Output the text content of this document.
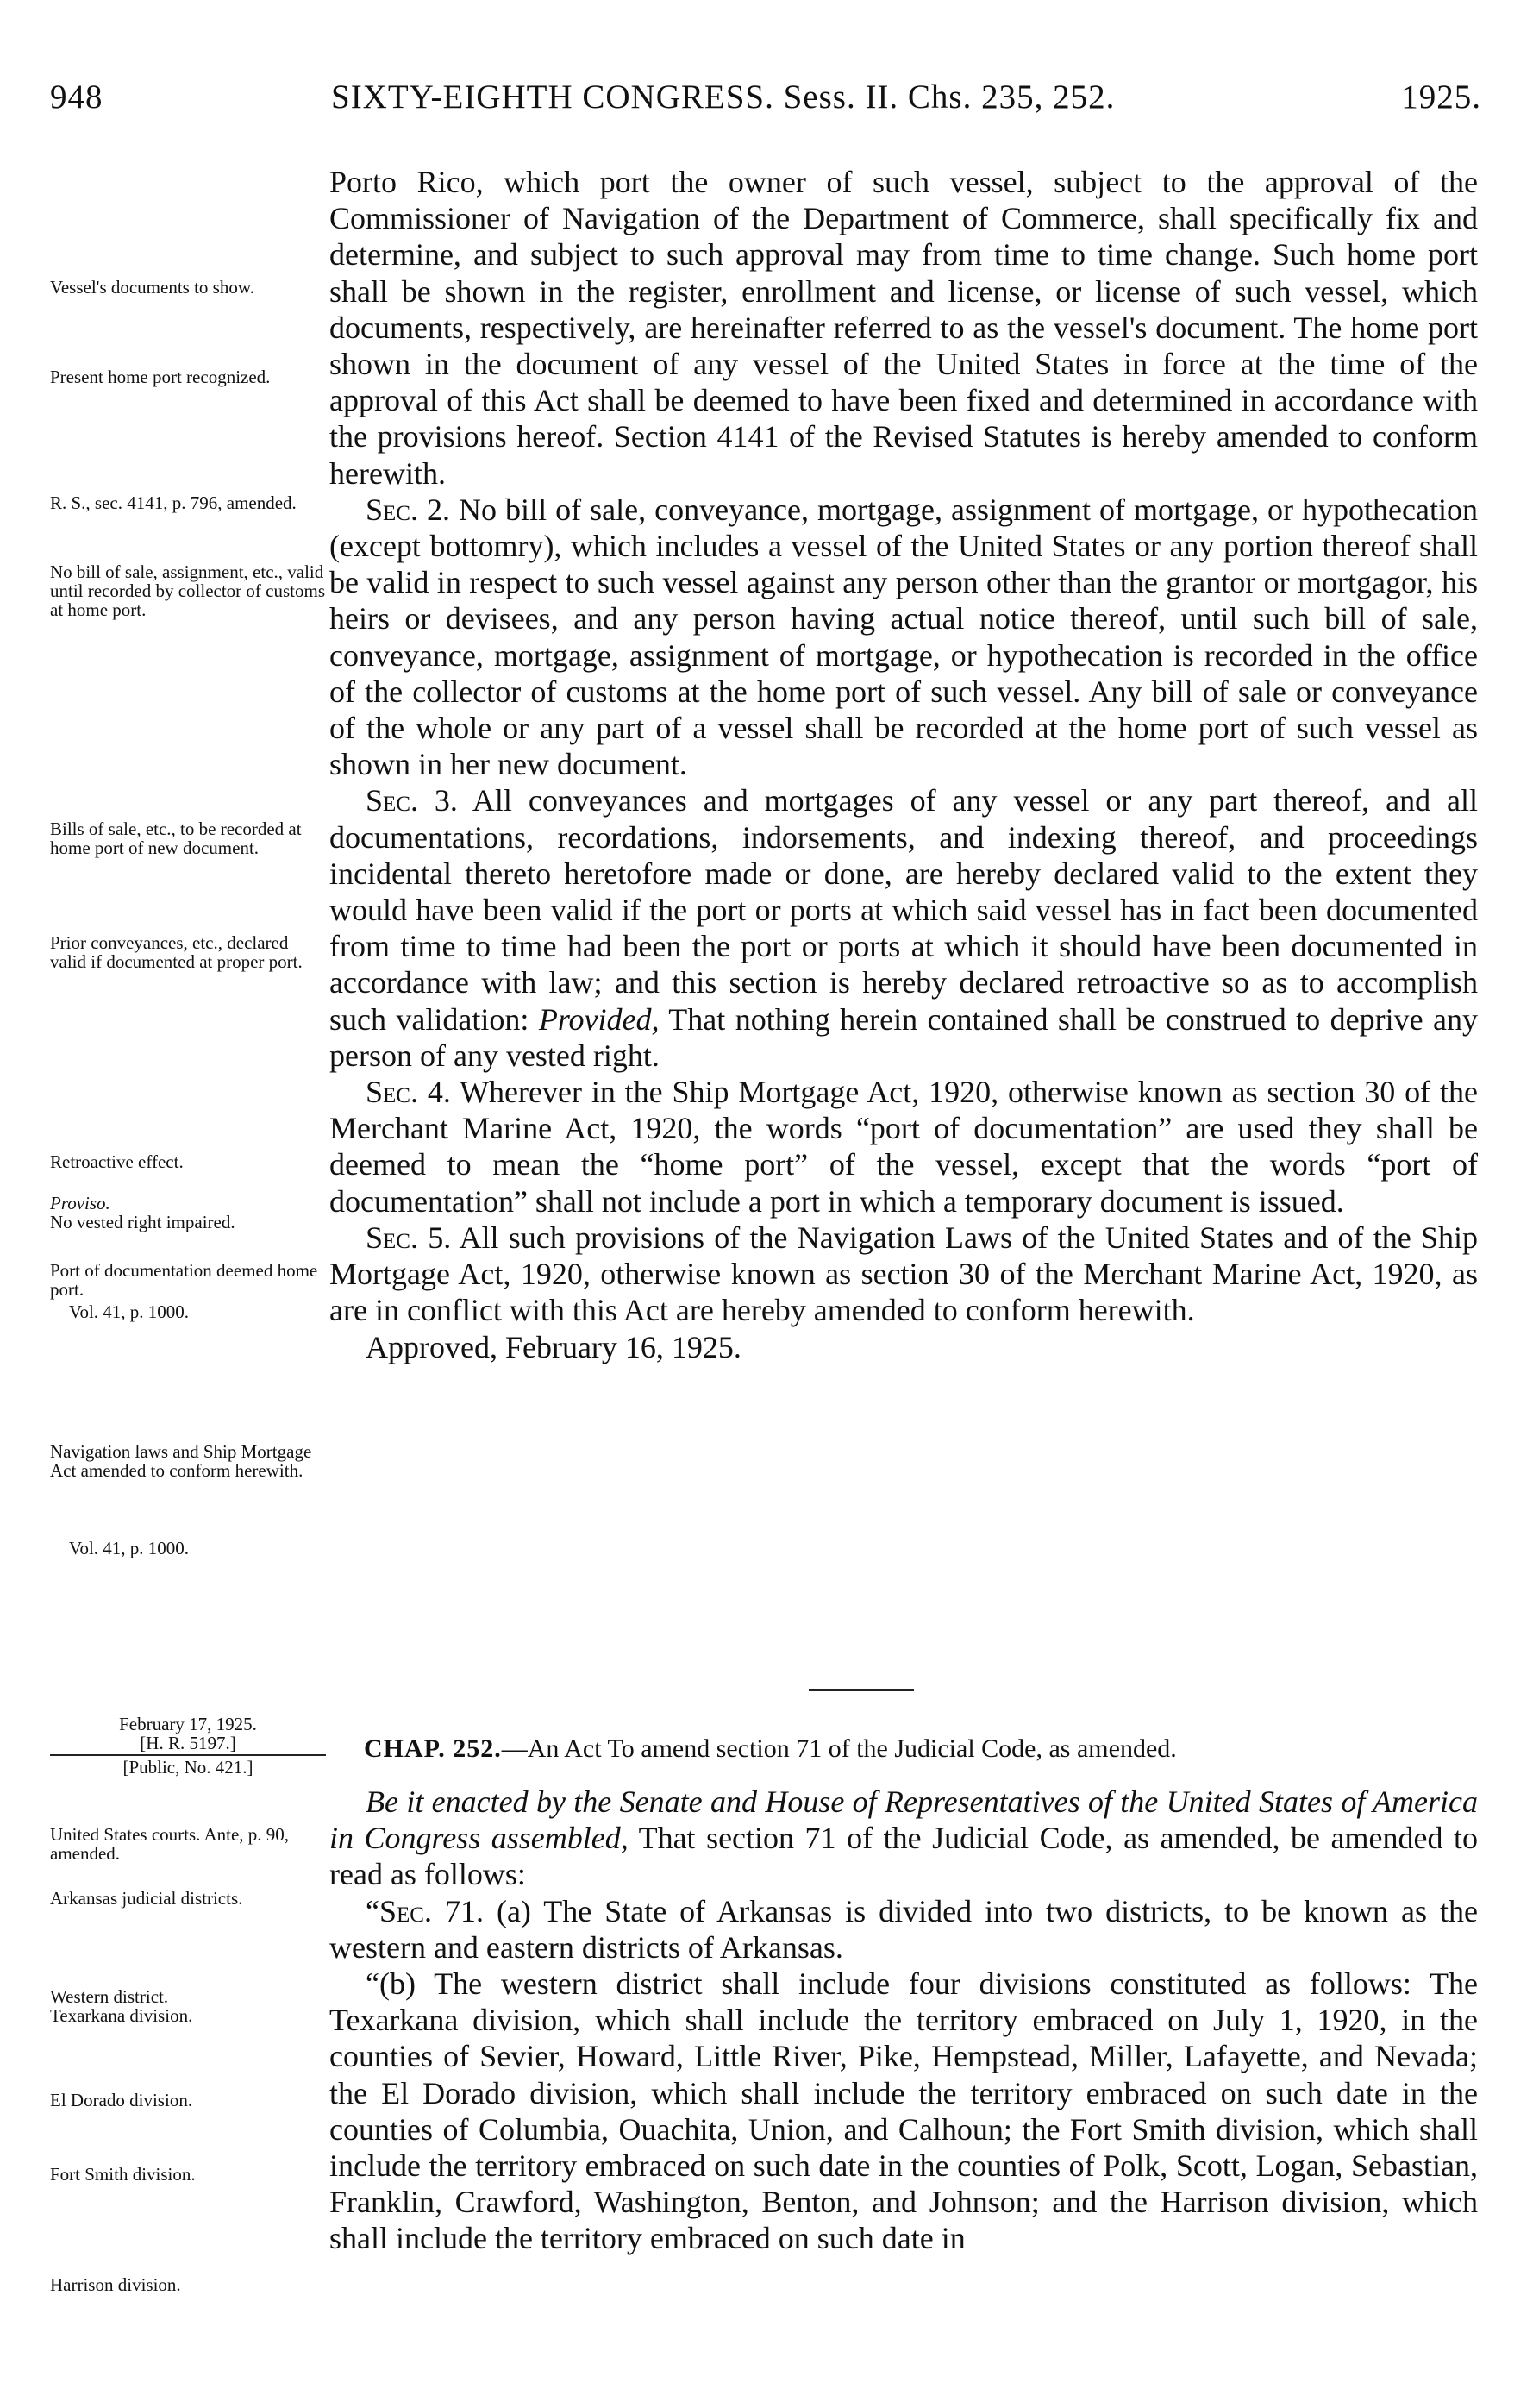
948	SIXTY-EIGHTH CONGRESS. Sess. II. Chs. 235, 252.	1925.
Vessel's documents to show.
Present home port recognized.
R. S., sec. 4141, p. 796, amended.
No bill of sale, assignment, etc., valid until recorded by collector of customs at home port.
Bills of sale, etc., to be recorded at home port of new document.
Prior conveyances, etc., declared valid if documented at proper port.
Retroactive effect.
Proviso.
No vested right impaired.
Port of documentation deemed home port.
Vol. 41, p. 1000.
Navigation laws and Ship Mortgage Act amended to conform herewith.
Vol. 41, p. 1000.

Porto Rico, which port the owner of such vessel, subject to the approval of the Commissioner of Navigation of the Department of Commerce, shall specifically fix and determine, and subject to such approval may from time to time change. Such home port shall be shown in the register, enrollment and license, or license of such vessel, which documents, respectively, are hereinafter referred to as the vessel's document. The home port shown in the document of any vessel of the United States in force at the time of the approval of this Act shall be deemed to have been fixed and determined in accordance with the provisions hereof. Section 4141 of the Revised Statutes is hereby amended to conform herewith.

Sec. 2. No bill of sale, conveyance, mortgage, assignment of mortgage, or hypothecation (except bottomry), which includes a vessel of the United States or any portion thereof shall be valid in respect to such vessel against any person other than the grantor or mortgagor, his heirs or devisees, and any person having actual notice thereof, until such bill of sale, conveyance, mortgage, assignment of mortgage, or hypothecation is recorded in the office of the collector of customs at the home port of such vessel. Any bill of sale or conveyance of the whole or any part of a vessel shall be recorded at the home port of such vessel as shown in her new document.

Sec. 3. All conveyances and mortgages of any vessel or any part thereof, and all documentations, recordations, indorsements, and indexing thereof, and proceedings incidental thereto heretofore made or done, are hereby declared valid to the extent they would have been valid if the port or ports at which said vessel has in fact been documented from time to time had been the port or ports at which it should have been documented in accordance with law; and this section is hereby declared retroactive so as to accomplish such validation: Provided, That nothing herein contained shall be construed to deprive any person of any vested right.

Sec. 4. Wherever in the Ship Mortgage Act, 1920, otherwise known as section 30 of the Merchant Marine Act, 1920, the words “port of documentation” are used they shall be deemed to mean the “home port” of the vessel, except that the words “port of documentation” shall not include a port in which a temporary document is issued.

Sec. 5. All such provisions of the Navigation Laws of the United States and of the Ship Mortgage Act, 1920, otherwise known as section 30 of the Merchant Marine Act, 1920, as are in conflict with this Act are hereby amended to conform herewith.

Approved, February 16, 1925.

February 17, 1925.
[H. R. 5197.]
[Public, No. 421.]
CHAP. 252.—An Act To amend section 71 of the Judicial Code, as amended.
United States courts. Ante, p. 90, amended.
Arkansas judicial districts.
Western district.
Texarkana division.
El Dorado division.
Fort Smith division.
Harrison division.

Be it enacted by the Senate and House of Representatives of the United States of America in Congress assembled, That section 71 of the Judicial Code, as amended, be amended to read as follows:

“Sec. 71. (a) The State of Arkansas is divided into two districts, to be known as the western and eastern districts of Arkansas.

“(b) The western district shall include four divisions constituted as follows: The Texarkana division, which shall include the territory embraced on July 1, 1920, in the counties of Sevier, Howard, Little River, Pike, Hempstead, Miller, Lafayette, and Nevada; the El Dorado division, which shall include the territory embraced on such date in the counties of Columbia, Ouachita, Union, and Calhoun; the Fort Smith division, which shall include the territory embraced on such date in the counties of Polk, Scott, Logan, Sebastian, Franklin, Crawford, Washington, Benton, and Johnson; and the Harrison division, which shall include the territory embraced on such date in
